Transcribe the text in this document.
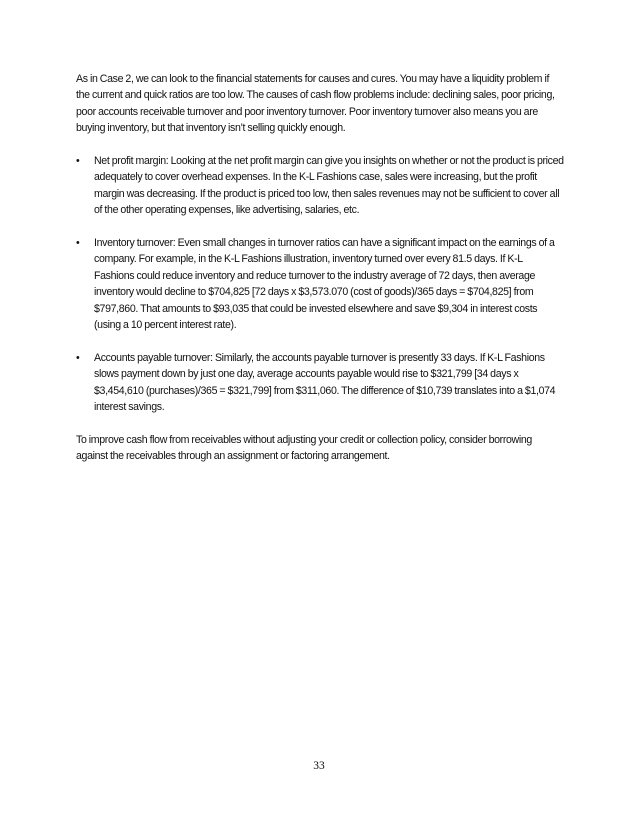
As in Case 2, we can look to the financial statements for causes and cures. You may have a liquidity problem if the current and quick ratios are too low. The causes of cash flow problems include: declining sales, poor pricing, poor accounts receivable turnover and poor inventory turnover. Poor inventory turnover also means you are buying inventory, but that inventory isn’t selling quickly enough.

• Net profit margin: Looking at the net profit margin can give you insights on whether or not the product is priced adequately to cover overhead expenses. In the K-L Fashions case, sales were increasing, but the profit margin was decreasing. If the product is priced too low, then sales revenues may not be sufficient to cover all of the other operating expenses, like advertising, salaries, etc.
• Inventory turnover: Even small changes in turnover ratios can have a significant impact on the earnings of a company. For example, in the K-L Fashions illustration, inventory turned over every 81.5 days. If K-L Fashions could reduce inventory and reduce turnover to the industry average of 72 days, then average inventory would decline to $704,825 [72 days x $3,573.070 (cost of goods)/365 days = $704,825] from $797,860. That amounts to $93,035 that could be invested elsewhere and save $9,304 in interest costs (using a 10 percent interest rate).
• Accounts payable turnover: Similarly, the accounts payable turnover is presently 33 days. If K-L Fashions slows payment down by just one day, average accounts payable would rise to $321,799 [34 days x $3,454,610 (purchases)/365 = $321,799] from $311,060. The difference of $10,739 translates into a $1,074 interest savings.

To improve cash flow from receivables without adjusting your credit or collection policy, consider borrowing against the receivables through an assignment or factoring arrangement.

33
